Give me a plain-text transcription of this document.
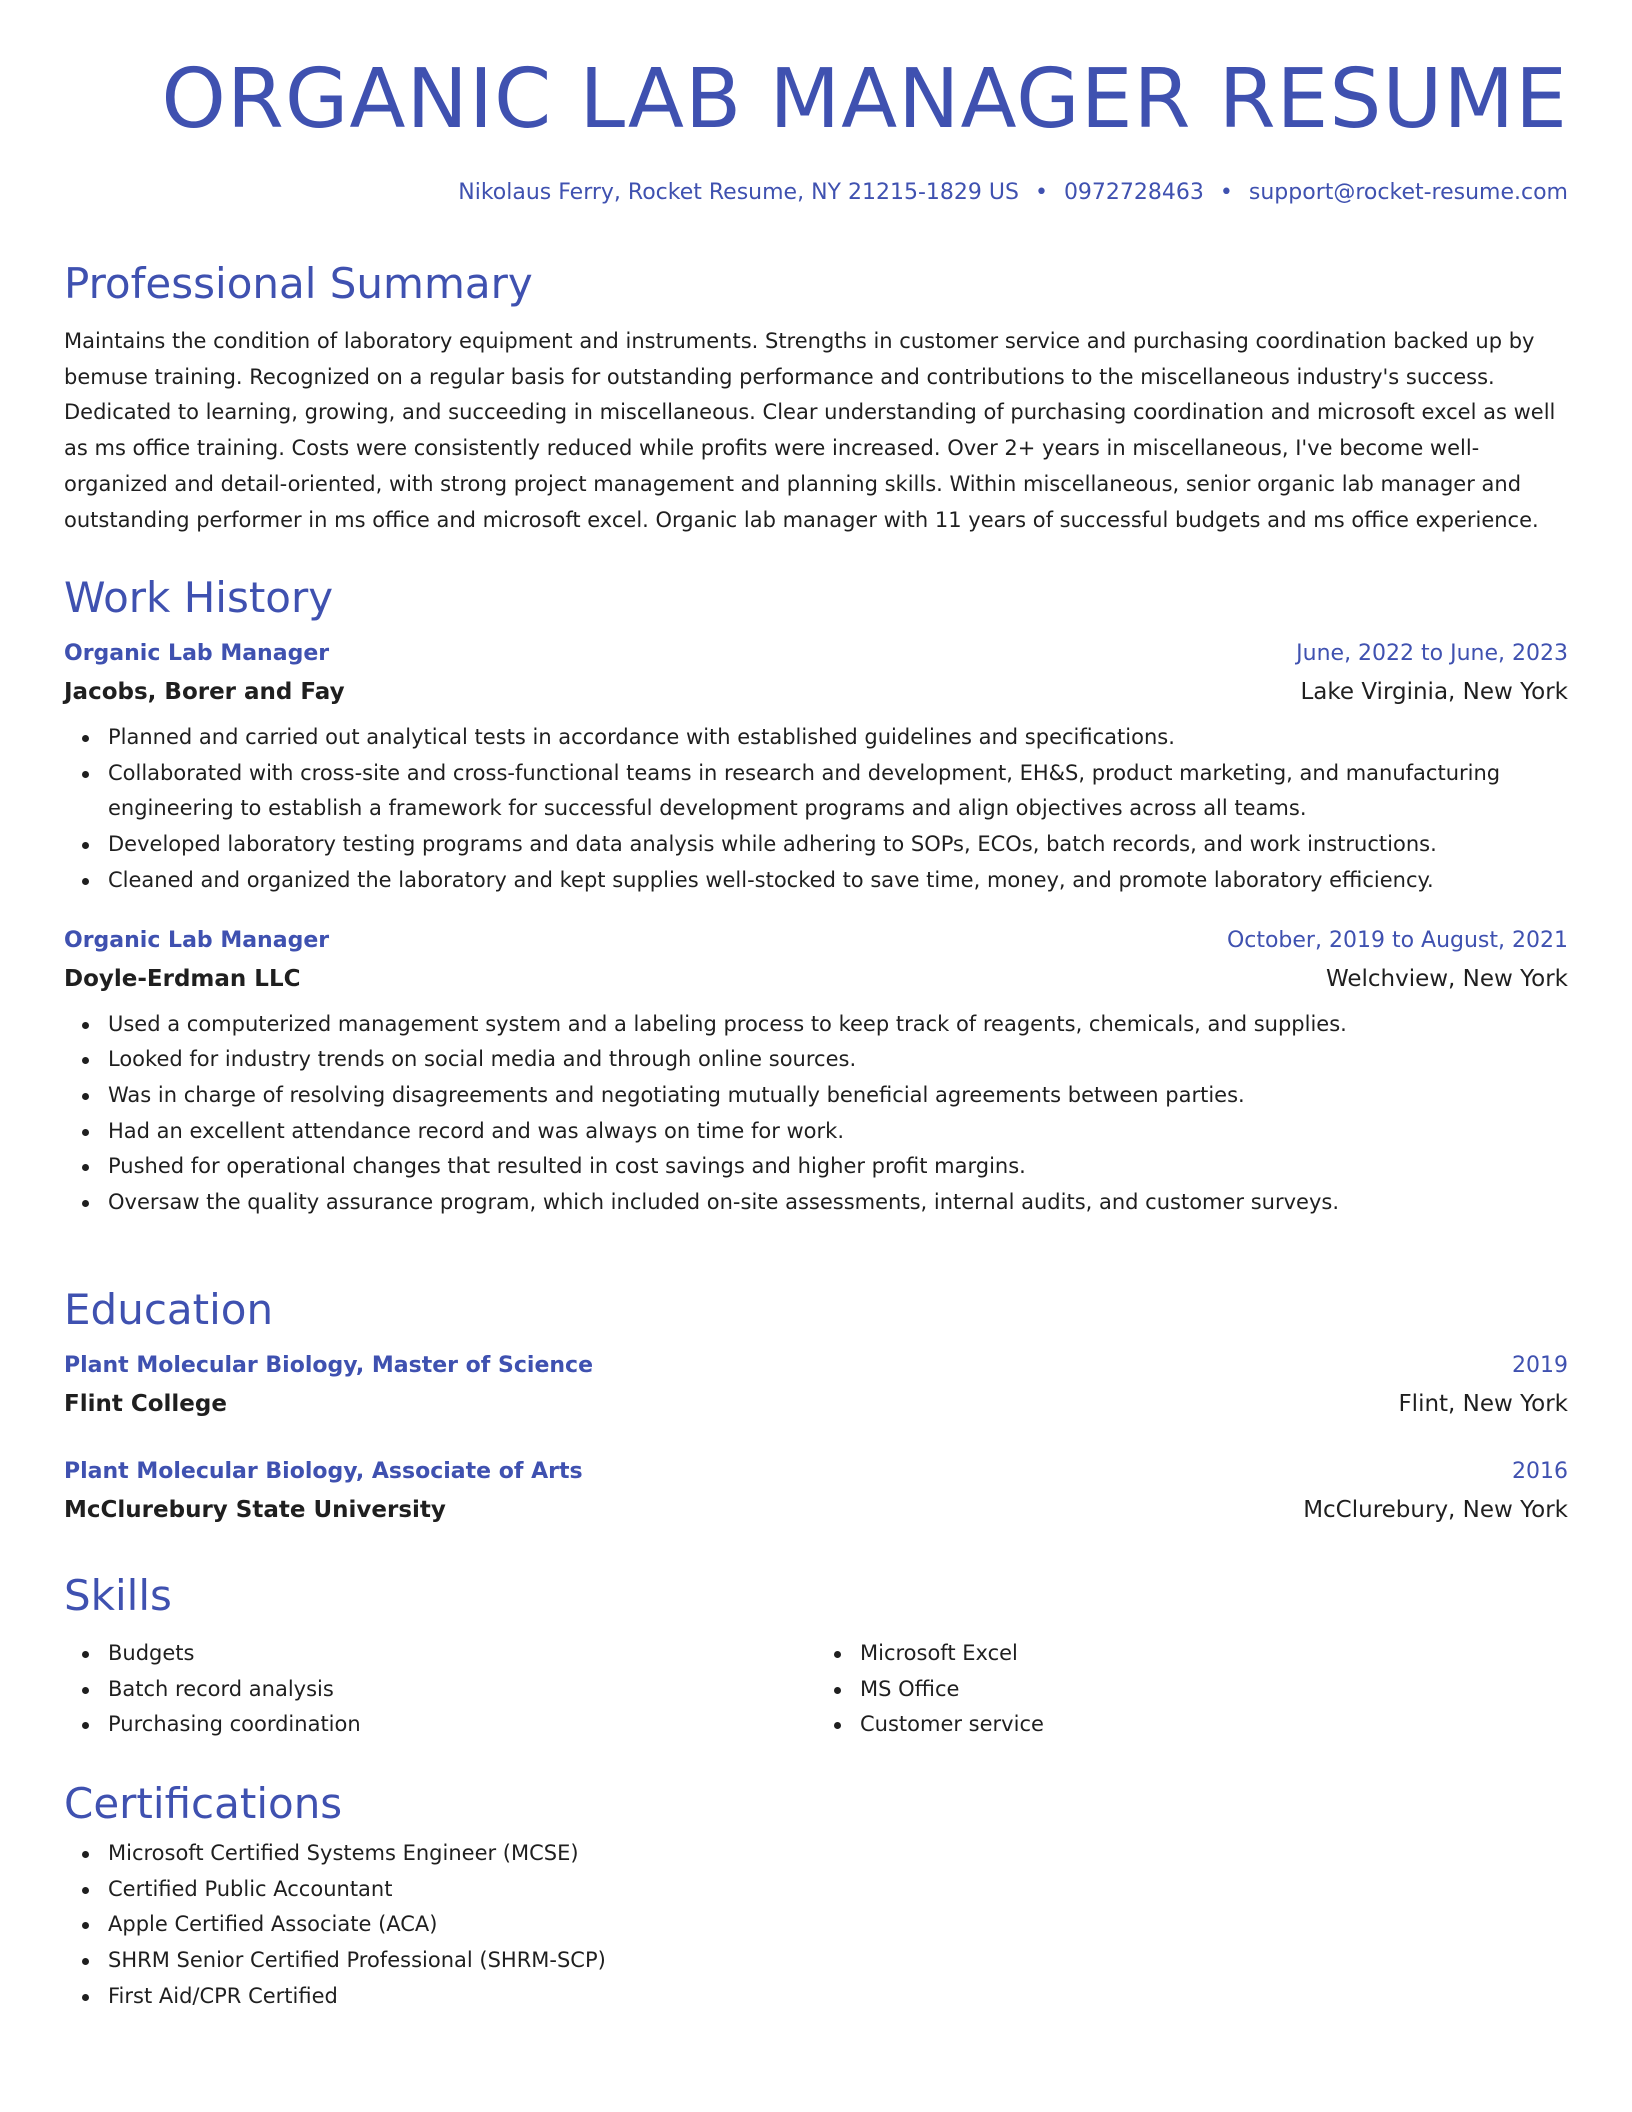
ORGANIC LAB MANAGER RESUME
Nikolaus Ferry, Rocket Resume, NY 21215-1829 US • 0972728463 • support@rocket-resume.com
Professional Summary

Maintains the condition of laboratory equipment and instruments. Strengths in customer service and purchasing coordination backed up by bemuse training. Recognized on a regular basis for outstanding performance and contributions to the miscellaneous industry's success. Dedicated to learning, growing, and succeeding in miscellaneous. Clear understanding of purchasing coordination and microsoft excel as well as ms office training. Costs were consistently reduced while profits were increased. Over 2+ years in miscellaneous, I've become well-organized and detail-oriented, with strong project management and planning skills. Within miscellaneous, senior organic lab manager and outstanding performer in ms office and microsoft excel. Organic lab manager with 11 years of successful budgets and ms office experience.

Work History
Organic Lab Manager	June, 2022 to June, 2023
Jacobs, Borer and Fay	Lake Virginia, New York
Planned and carried out analytical tests in accordance with established guidelines and specifications.
Collaborated with cross-site and cross-functional teams in research and development, EH&S, product marketing, and manufacturing engineering to establish a framework for successful development programs and align objectives across all teams.
Developed laboratory testing programs and data analysis while adhering to SOPs, ECOs, batch records, and work instructions.
Cleaned and organized the laboratory and kept supplies well-stocked to save time, money, and promote laboratory efficiency.
Organic Lab Manager	October, 2019 to August, 2021
Doyle-Erdman LLC	Welchview, New York
Used a computerized management system and a labeling process to keep track of reagents, chemicals, and supplies.
Looked for industry trends on social media and through online sources.
Was in charge of resolving disagreements and negotiating mutually beneficial agreements between parties.
Had an excellent attendance record and was always on time for work.
Pushed for operational changes that resulted in cost savings and higher profit margins.
Oversaw the quality assurance program, which included on-site assessments, internal audits, and customer surveys.
Education
Plant Molecular Biology, Master of Science	2019
Flint College	Flint, New York
Plant Molecular Biology, Associate of Arts	2016
McClurebury State University	McClurebury, New York
Skills
Budgets
Batch record analysis
Purchasing coordination
Microsoft Excel
MS Office
Customer service
Certifications
Microsoft Certified Systems Engineer (MCSE)
Certified Public Accountant
Apple Certified Associate (ACA)
SHRM Senior Certified Professional (SHRM-SCP)
First Aid/CPR Certified
